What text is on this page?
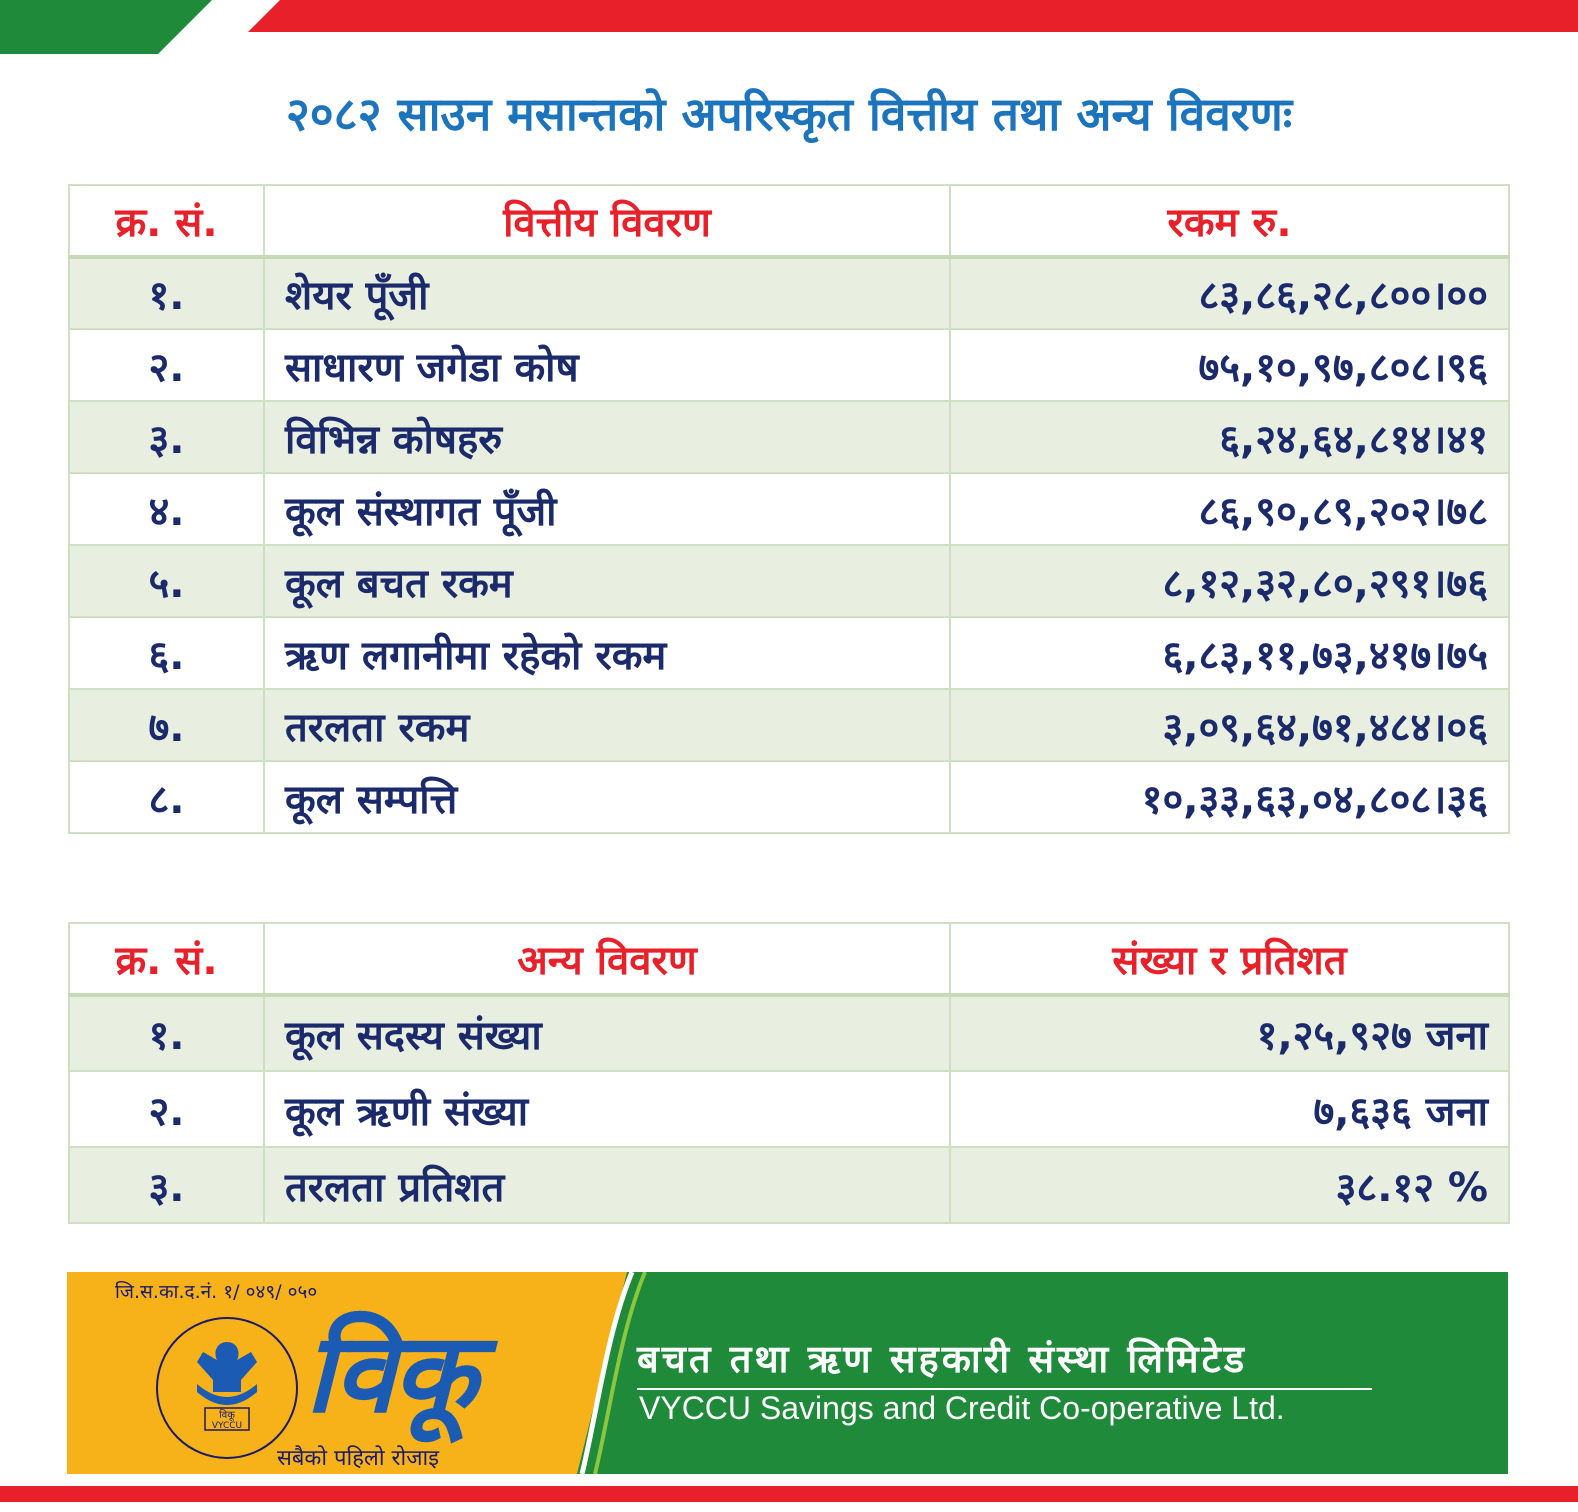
२०८२ साउन मसान्तको अपरिस्कृत वित्तीय तथा अन्य विवरणः
क्र. सं.	वित्तीय विवरण	रकम रु.
१.	शेयर पूँजी	८३,८६,२८,८००।००
२.	साधारण जगेडा कोष	७५,१०,९७,८०८।९६
३.	विभिन्न कोषहरु	६,२४,६४,८१४।४१
४.	कूल संस्थागत पूँजी	८६,९०,८९,२०२।७८
५.	कूल बचत रकम	८,१२,३२,८०,२९१।७६
६.	ऋण लगानीमा रहेको रकम	६,८३,११,७३,४१७।७५
७.	तरलता रकम	३,०९,६४,७१,४८४।०६
८.	कूल सम्पत्ति	१०,३३,६३,०४,८०८।३६
क्र. सं.	अन्य विवरण	संख्या र प्रतिशत
१.	कूल सदस्य संख्या	१,२५,९२७ जना
२.	कूल ऋणी संख्या	७,६३६ जना
३.	तरलता प्रतिशत	३८.१२ %
जि.स.का.द.नं. १/ ०४९/ ०५०
विकू
VYCCU विकू
सबैको पहिलो रोजाइ
बचत तथा ऋण सहकारी संस्था लिमिटेड
VYCCU Savings and Credit Co-operative Ltd.
